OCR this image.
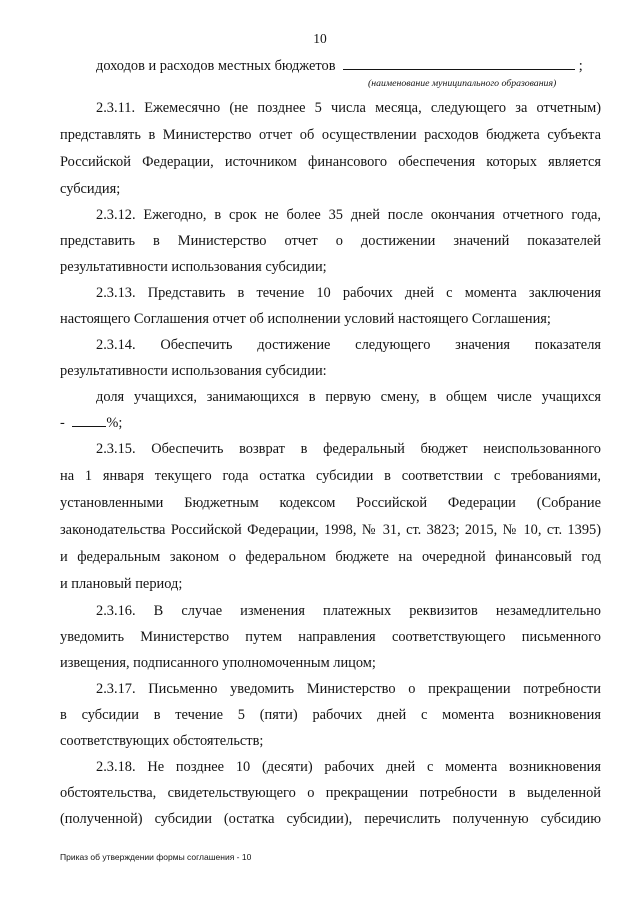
10
доходов и расходов местных бюджетов	;
(наименование муниципального образования)
2.3.11. Ежемесячно (не позднее 5 числа месяца, следующего за отчетным)
представлять в Министерство отчет об осуществлении расходов бюджета субъекта
Российской Федерации, источником финансового обеспечения которых является
субсидия;
2.3.12. Ежегодно, в срок не более 35 дней после окончания отчетного года,
представить в Министерство отчет о достижении значений показателей
результативности использования субсидии;
2.3.13. Представить в течение 10 рабочих дней с момента заключения
настоящего Соглашения отчет об исполнении условий настоящего Соглашения;
2.3.14. Обеспечить достижение следующего значения показателя
результативности использования субсидии:
доля учащихся, занимающихся в первую смену, в общем числе учащихся
-	%;
2.3.15. Обеспечить возврат в федеральный бюджет неиспользованного
на 1 января текущего года остатка субсидии в соответствии с требованиями,
установленными Бюджетным кодексом Российской Федерации (Собрание
законодательства Российской Федерации, 1998, № 31, ст. 3823; 2015, № 10, ст. 1395)
и федеральным законом о федеральном бюджете на очередной финансовый год
и плановый период;
2.3.16. В случае изменения платежных реквизитов незамедлительно
уведомить Министерство путем направления соответствующего письменного
извещения, подписанного уполномоченным лицом;
2.3.17. Письменно уведомить Министерство о прекращении потребности
в субсидии в течение 5 (пяти) рабочих дней с момента возникновения
соответствующих обстоятельств;
2.3.18. Не позднее 10 (десяти) рабочих дней с момента возникновения
обстоятельства, свидетельствующего о прекращении потребности в выделенной
(полученной) субсидии (остатка субсидии), перечислить полученную субсидию
Приказ об утверждении формы соглашения - 10
